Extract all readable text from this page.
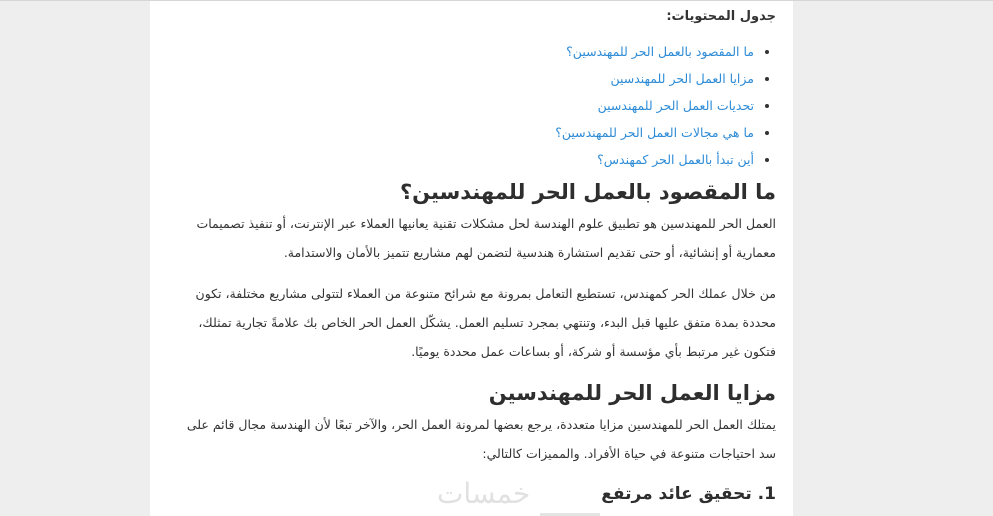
جدول المحتويات:
• ما المقصود بالعمل الحر للمهندسين؟
• مزايا العمل الحر للمهندسين
• تحديات العمل الحر للمهندسين
• ما هي مجالات العمل الحر للمهندسين؟
• أين تبدأ بالعمل الحر كمهندس؟
ما المقصود بالعمل الحر للمهندسين؟

العمل الحر للمهندسين هو تطبيق علوم الهندسة لحل مشكلات تقنية يعانيها العملاء عبر الإنترنت، أو تنفيذ تصميمات معمارية أو إنشائية، أو حتى تقديم استشارة هندسية لتضمن لهم مشاريع تتميز بالأمان والاستدامة.

من خلال عملك الحر كمهندس، تستطيع التعامل بمرونة مع شرائح متنوعة من العملاء لتتولى مشاريع مختلفة، تكون محددة بمدة متفق عليها قبل البدء، وتنتهي بمجرد تسليم العمل. يشكّل العمل الحر الخاص بك علامةً تجارية تمثلك، فتكون غير مرتبط بأي مؤسسة أو شركة، أو بساعات عمل محددة يوميًا.

مزايا العمل الحر للمهندسين

يمتلك العمل الحر للمهندسين مزايا متعددة، يرجع بعضها لمرونة العمل الحر، والآخر تبعًا لأن الهندسة مجال قائم على سد احتياجات متنوعة في حياة الأفراد. والمميزات كالتالي:

1. تحقيق عائد مرتفع
خمسات
